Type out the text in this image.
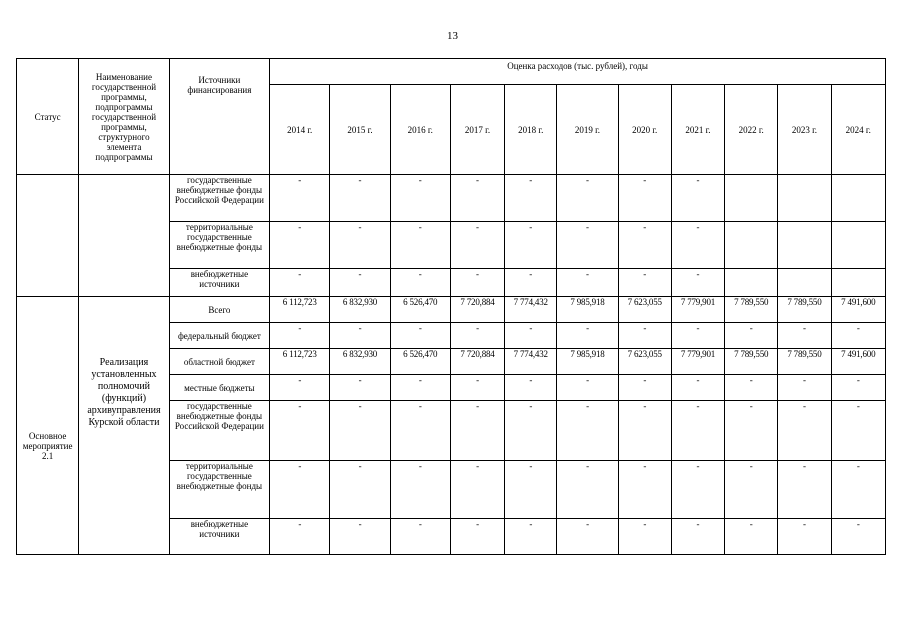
13
Статус	Наименование государственной программы, подпрограммы государственной программы, структурного элемента подпрограммы	Источники финансирования	Оценка расходов (тыс. рублей), годы										
			2014 г.	2015 г.	2016 г.	2017 г.	2018 г.	2019 г.	2020 г.	2021 г.	2022 г.	2023 г.	2024 г.
		государственные внебюджетные фонды Российской Федерации	-	-	-	-	-	-	-	-			
		территориальные государственные внебюджетные фонды	-	-	-	-	-	-	-	-			
		внебюджетные источники	-	-	-	-	-	-	-	-			
Основное мероприятие 2.1	Реализация установленных полномочий (функций) архивуправления Курской области	Всего	6 112,723	6 832,930	6 526,470	7 720,884	7 774,432	7 985,918	7 623,055	7 779,901	7 789,550	7 789,550	7 491,600
		федеральный бюджет	-	-	-	-	-	-	-	-	-	-	-
		областной бюджет	6 112,723	6 832,930	6 526,470	7 720,884	7 774,432	7 985,918	7 623,055	7 779,901	7 789,550	7 789,550	7 491,600
		местные бюджеты	-	-	-	-	-	-	-	-	-	-	-
		государственные внебюджетные фонды Российской Федерации	-	-	-	-	-	-	-	-	-	-	-
		территориальные государственные внебюджетные фонды	-	-	-	-	-	-	-	-	-	-	-
		внебюджетные источники	-	-	-	-	-	-	-	-	-	-	-
